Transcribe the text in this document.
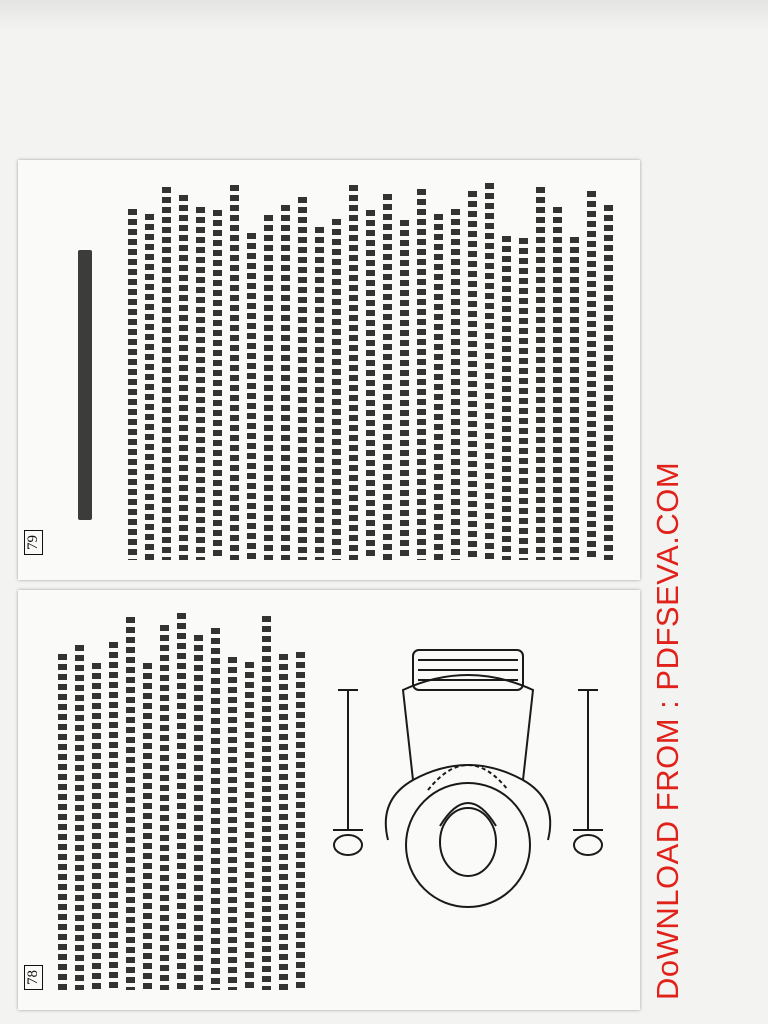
79
78	DoWNLOAD FROM : PDFSEVA.COM
